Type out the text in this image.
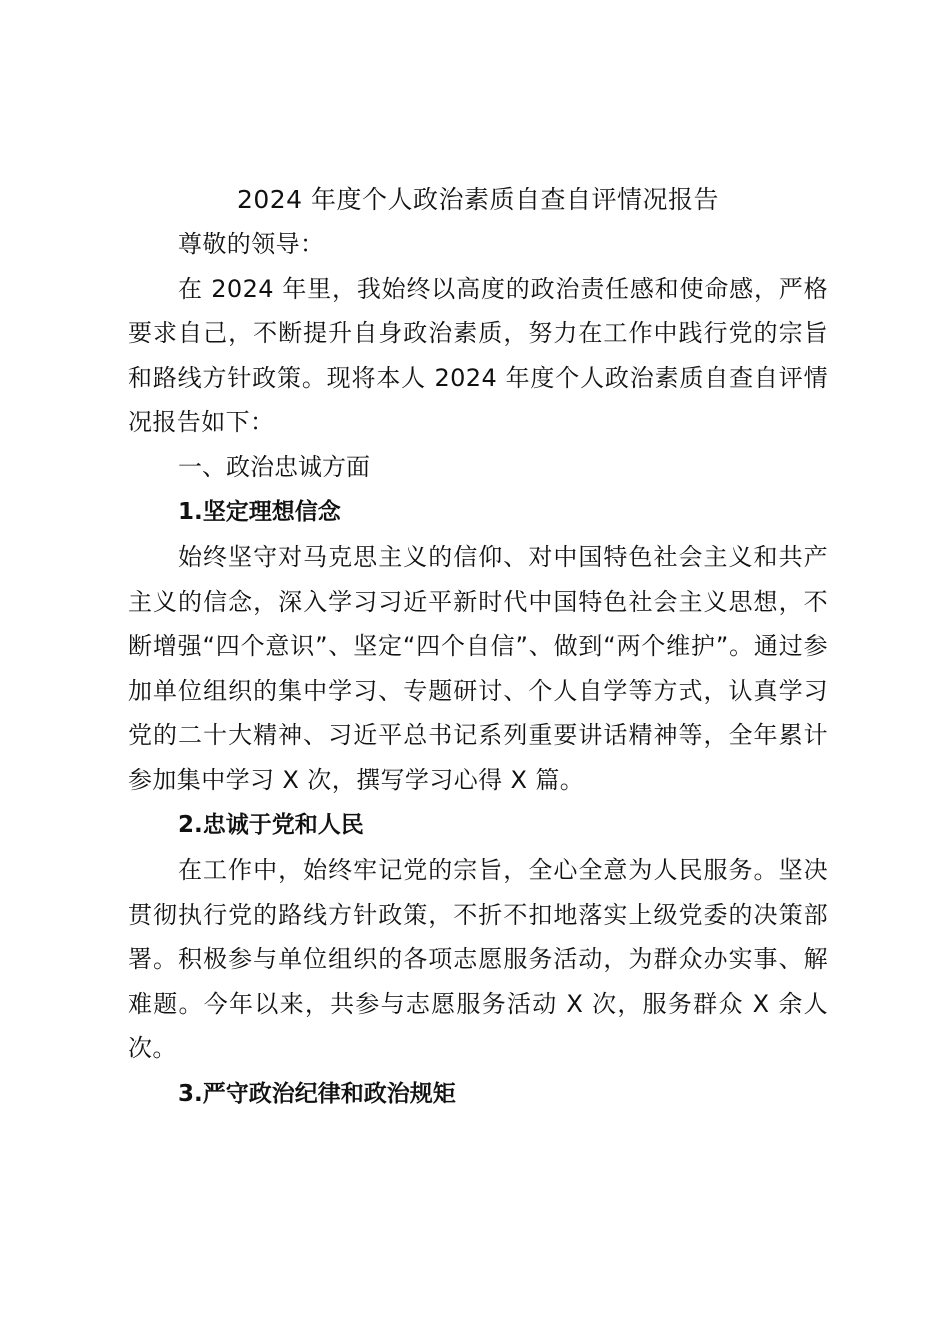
2024 年度个人政治素质自查自评情况报告

尊敬的领导：

在 2024 年里，我始终以高度的政治责任感和使命感，严格要求自己，不断提升自身政治素质，努力在工作中践行党的宗旨和路线方针政策。现将本人 2024 年度个人政治素质自查自评情况报告如下：

一、政治忠诚方面

1.坚定理想信念

始终坚守对马克思主义的信仰、对中国特色社会主义和共产主义的信念，深入学习习近平新时代中国特色社会主义思想，不断增强“四个意识”、坚定“四个自信”、做到“两个维护”。通过参加单位组织的集中学习、专题研讨、个人自学等方式，认真学习党的二十大精神、习近平总书记系列重要讲话精神等，全年累计参加集中学习 X 次，撰写学习心得 X 篇。

2.忠诚于党和人民

在工作中，始终牢记党的宗旨，全心全意为人民服务。坚决贯彻执行党的路线方针政策，不折不扣地落实上级党委的决策部署。积极参与单位组织的各项志愿服务活动，为群众办实事、解难题。今年以来，共参与志愿服务活动 X 次，服务群众 X 余人次。

3.严守政治纪律和政治规矩
